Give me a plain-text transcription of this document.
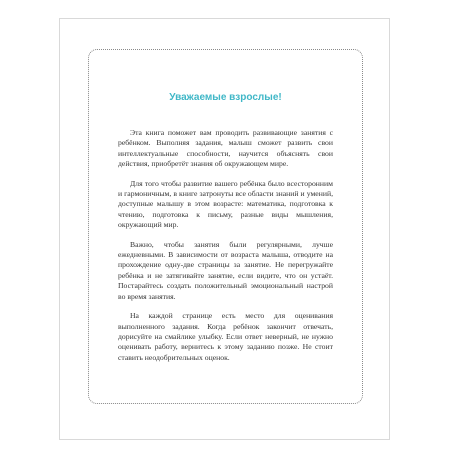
Уважаемые взрослые!

Эта книга поможет вам проводить развивающие занятия с ребёнком. Выполняя задания, малыш сможет развить свои интеллектуальные способности, научится объяснять свои действия, приобретёт знания об окружающем мире.

Для того чтобы развитие вашего ребёнка было всесторонним и гармоничным, в книге затронуты все области знаний и умений, доступные малышу в этом возрасте: математика, подготовка к чтению, подготовка к письму, разные виды мышления, окружающий мир.

Важно, чтобы занятия были регулярными, лучше ежедневными. В зависимости от возраста малыша, отводите на прохождение одну-две страницы за занятие. Не перегружайте ребёнка и не затягивайте занятие, если видите, что он устаёт. Постарайтесь создать положительный эмоциональный настрой во время занятия.

На каждой странице есть место для оценивания выполненного задания. Когда ребёнок закончит отвечать, дорисуйте на смайлике улыбку. Если ответ неверный, не нужно оценивать работу, вернитесь к этому заданию позже. Не стоит ставить неодобрительных оценок.
